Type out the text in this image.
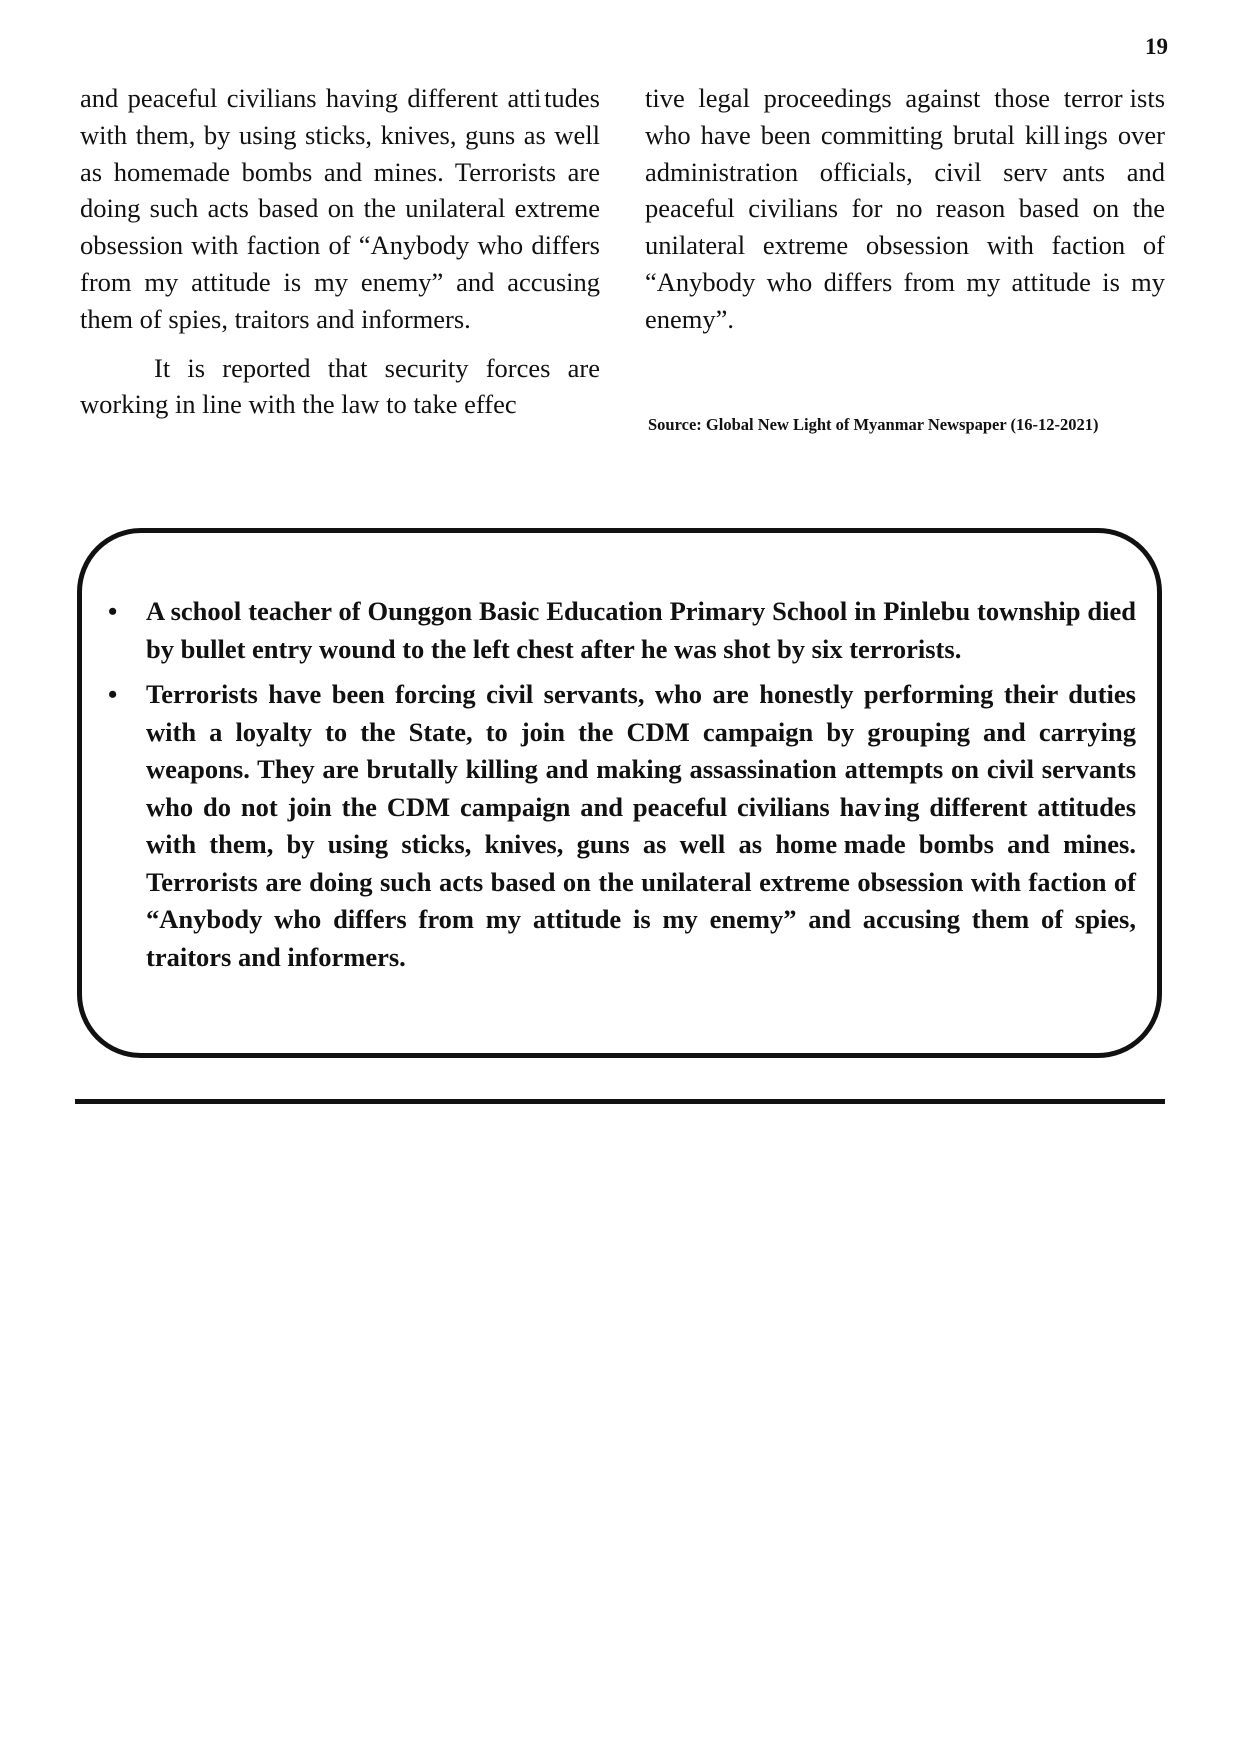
19

and peaceful civilians having different atti tudes with them, by using sticks, knives, guns as well as homemade bombs and mines. Terrorists are doing such acts based on the unilateral extreme obsession with faction of “Anybody who differs from my attitude is my enemy” and accusing them of spies, traitors and informers.

It is reported that security forces are working in line with the law to take effec

tive legal proceedings against those terror ists who have been committing brutal kill ings over administration officials, civil serv ants and peaceful civilians for no reason based on the unilateral extreme obsession with faction of “Anybody who differs from my attitude is my enemy”.

Source: Global New Light of Myanmar Newspaper (16-12-2021)
• A school teacher of Ounggon Basic Education Primary School in Pinlebu town ship died by bullet entry wound to the left chest after he was shot by six terror ists.
• Terrorists have been forcing civil servants, who are honestly performing their duties with a loyalty to the State, to join the CDM campaign by grouping and carrying weapons. They are brutally killing and making assassination attempts on civil servants who do not join the CDM campaign and peaceful civilians hav ing different attitudes with them, by using sticks, knives, guns as well as home made bombs and mines. Terrorists are doing such acts based on the unilateral extreme obsession with faction of “Anybody who differs from my attitude is my enemy” and accusing them of spies, traitors and informers.
